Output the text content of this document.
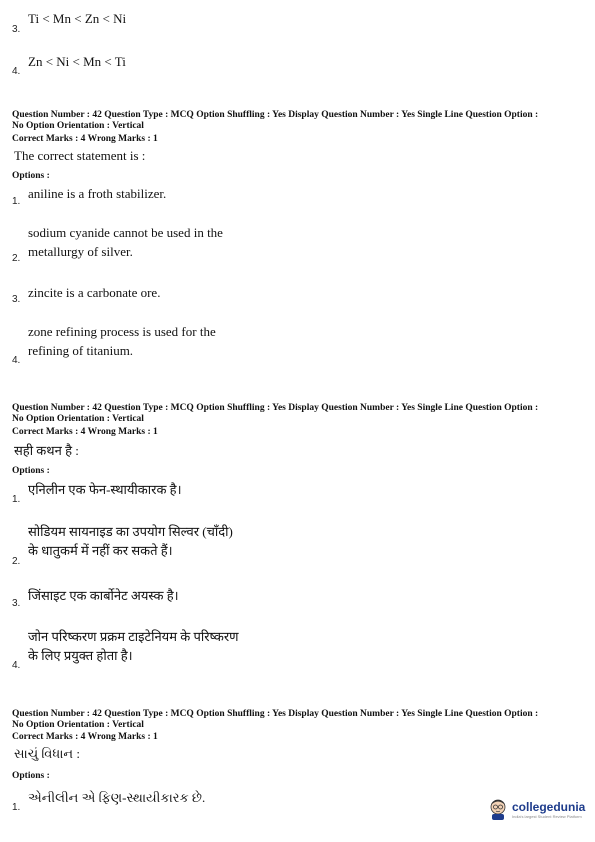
3.
Ti < Mn < Zn < Ni
4.
Zn < Ni < Mn < Ti
Question Number : 42 Question Type : MCQ Option Shuffling : Yes Display Question Number : Yes Single Line Question Option :
No Option Orientation : Vertical
Correct Marks : 4 Wrong Marks : 1
The correct statement is :
Options :
1.
aniline is a froth stabilizer.
2.
sodium cyanide cannot be used in the
metallurgy of silver.
3. zincite is a carbonate ore.
4.
zone refining process is used for the
refining of titanium.
Question Number : 42 Question Type : MCQ Option Shuffling : Yes Display Question Number : Yes Single Line Question Option :
No Option Orientation : Vertical
Correct Marks : 4 Wrong Marks : 1
सही कथन है :
Options :
1.
एनिलीन एक फेन-स्थायीकारक है।
2.
सोडियम सायनाइड का उपयोग सिल्वर (चाँदी)
के धातुकर्म में नहीं कर सकते हैं।
3.
जिंसाइट एक कार्बोनेट अयस्क है।
4.
जोन परिष्करण प्रक्रम टाइटेनियम के परिष्करण
के लिए प्रयुक्त होता है।
Question Number : 42 Question Type : MCQ Option Shuffling : Yes Display Question Number : Yes Single Line Question Option :
No Option Orientation : Vertical
Correct Marks : 4 Wrong Marks : 1
સાચું વિધાન :
Options :
1.
એનીલીન એ ફિણ-સ્થાયીકારક છે.
collegedunia
India's largest Student Review Platform
